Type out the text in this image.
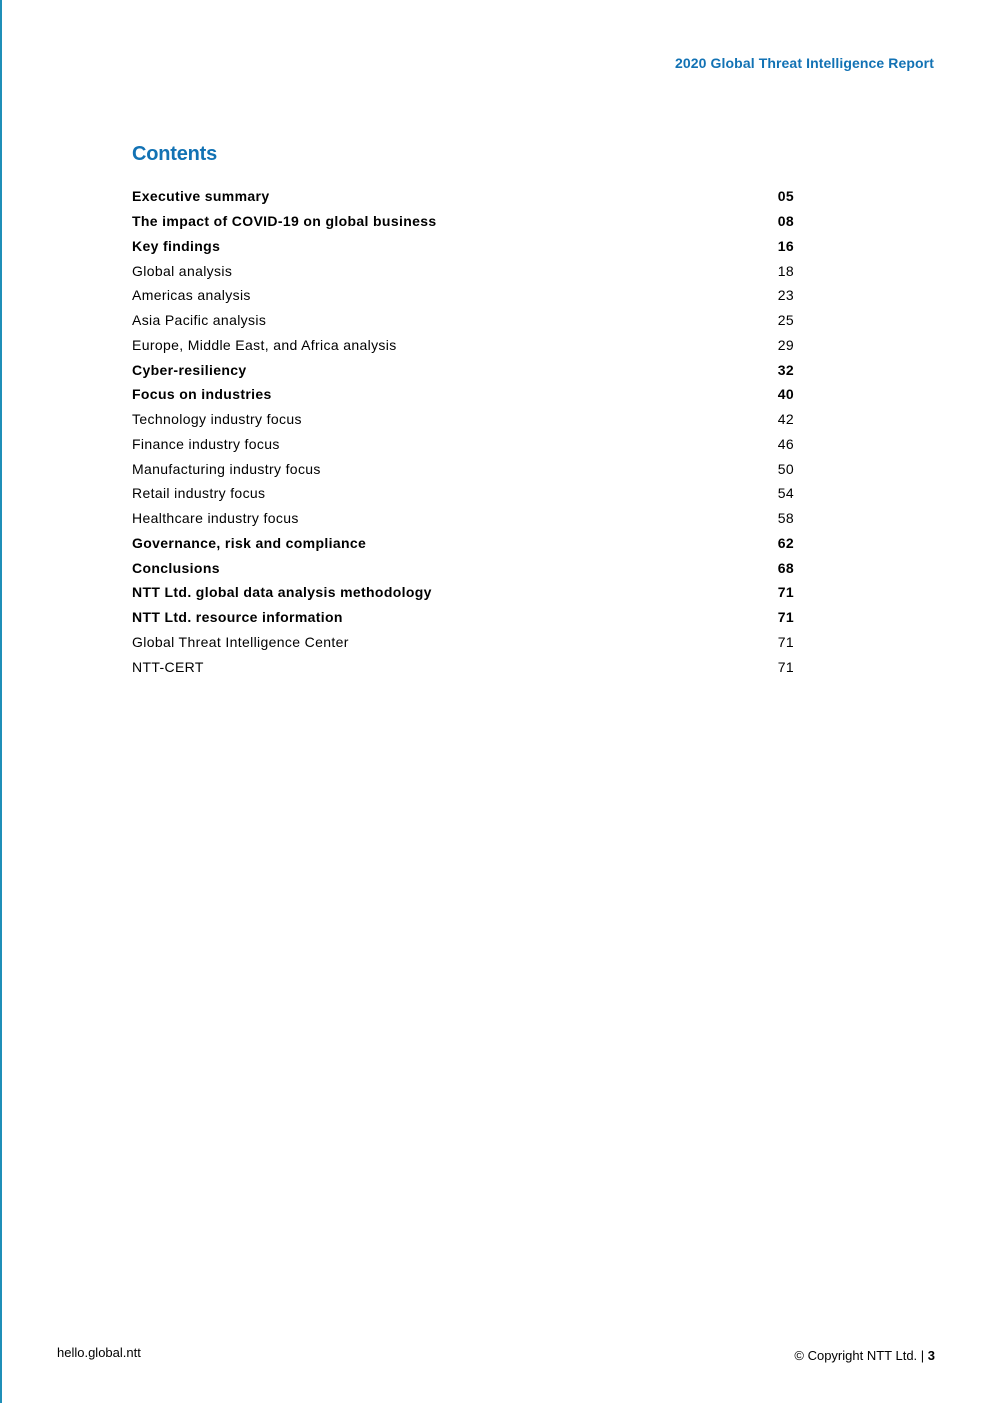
2020 Global Threat Intelligence Report
Contents
Executive summary	05
The impact of COVID-19 on global business	08
Key findings	16
Global analysis	18
Americas analysis	23
Asia Pacific analysis	25
Europe, Middle East, and Africa analysis	29
Cyber-resiliency	32
Focus on industries	40
Technology industry focus	42
Finance industry focus	46
Manufacturing industry focus	50
Retail industry focus	54
Healthcare industry focus	58
Governance, risk and compliance	62
Conclusions	68
NTT Ltd. global data analysis methodology	71
NTT Ltd. resource information	71
Global Threat Intelligence Center	71
NTT-CERT	71
hello.global.ntt	© Copyright NTT Ltd. | 3
